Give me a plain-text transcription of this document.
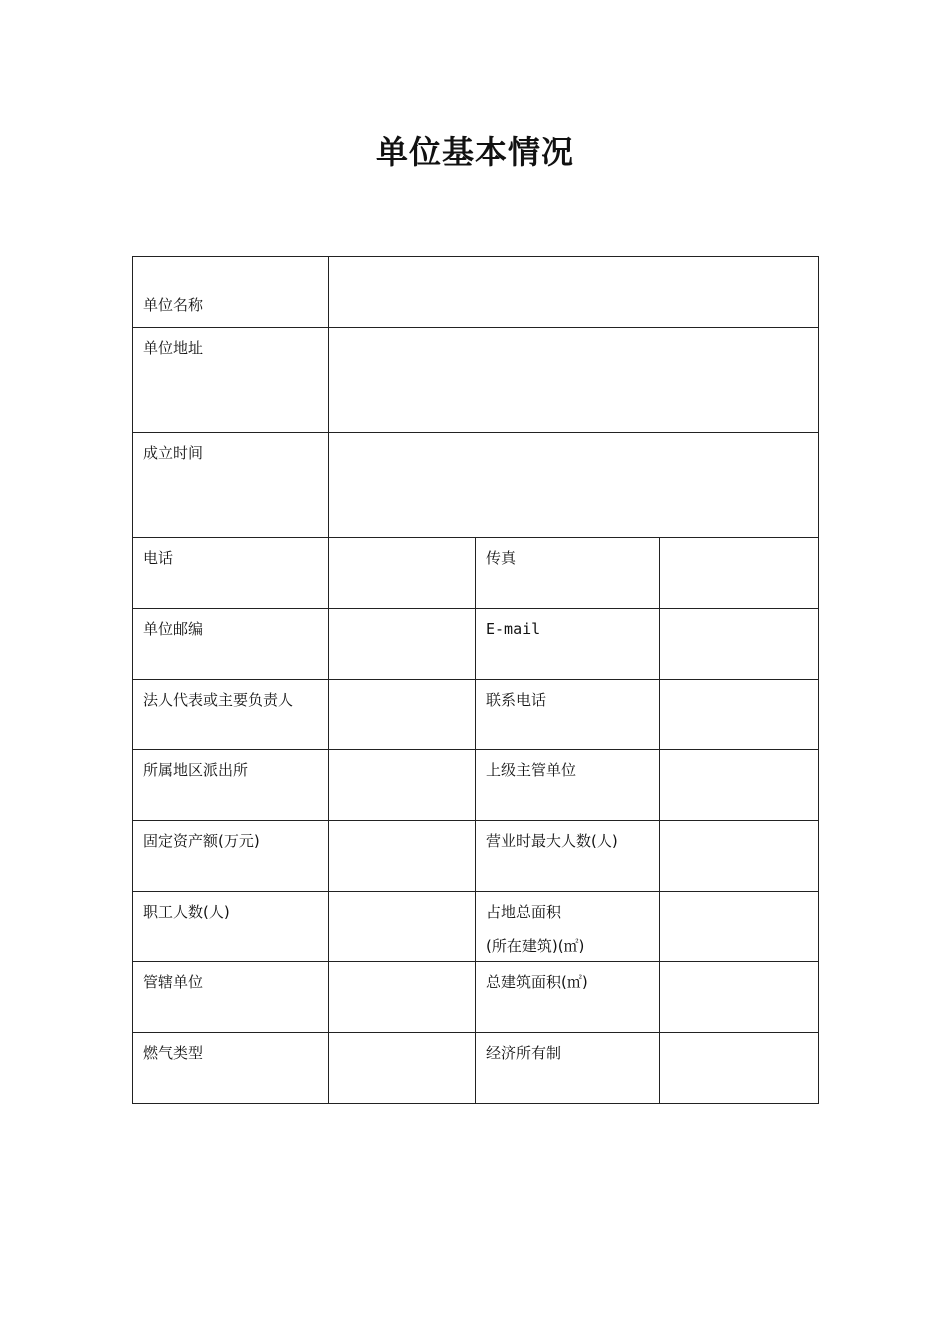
单位基本情况
单位名称			
单位地址			
成立时间			
电话		传真	
单位邮编		E-mail	
法人代表或主要负责人		联系电话	
所属地区派出所		上级主管单位	
固定资产额(万元)		营业时最大人数(人)	
职工人数(人)		占地总面积
(所在建筑)(㎡)	

管辖单位		总建筑面积(㎡)	
燃气类型		经济所有制	
